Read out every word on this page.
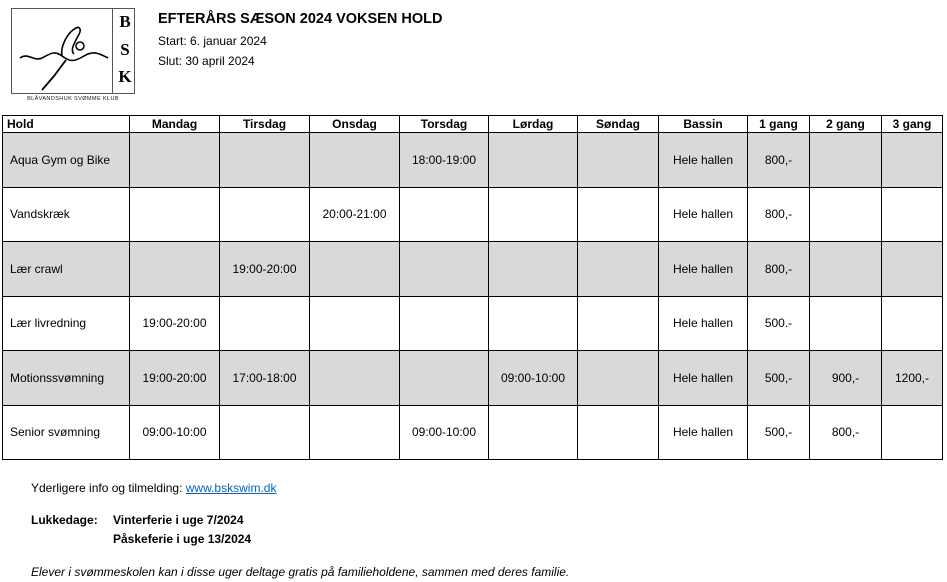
B
S
K
BLÅVANDSHUK SVØMME KLUB
EFTERÅRS SÆSON 2024 VOKSEN HOLD
Start: 6. januar 2024
Slut: 30 april 2024
Hold	Mandag	Tirsdag	Onsdag	Torsdag	Lørdag	Søndag	Bassin	1 gang	2 gang	3 gang
Aqua Gym og Bike				18:00-19:00			Hele hallen	800,-		
Vandskræk			20:00-21:00				Hele hallen	800,-		
Lær crawl		19:00-20:00					Hele hallen	800,-		
Lær livredning	19:00-20:00						Hele hallen	500.-		
Motionssvømning	19:00-20:00	17:00-18:00			09:00-10:00		Hele hallen	500,-	900,-	1200,-
Senior svømning	09:00-10:00			09:00-10:00			Hele hallen	500,-	800,-	
Yderligere info og tilmelding: www.bskswim.dk
Lukkedage: Vinterferie i uge 7/2024
Påskeferie i uge 13/2024
Elever i svømmeskolen kan i disse uger deltage gratis på familieholdene, sammen med deres familie.
